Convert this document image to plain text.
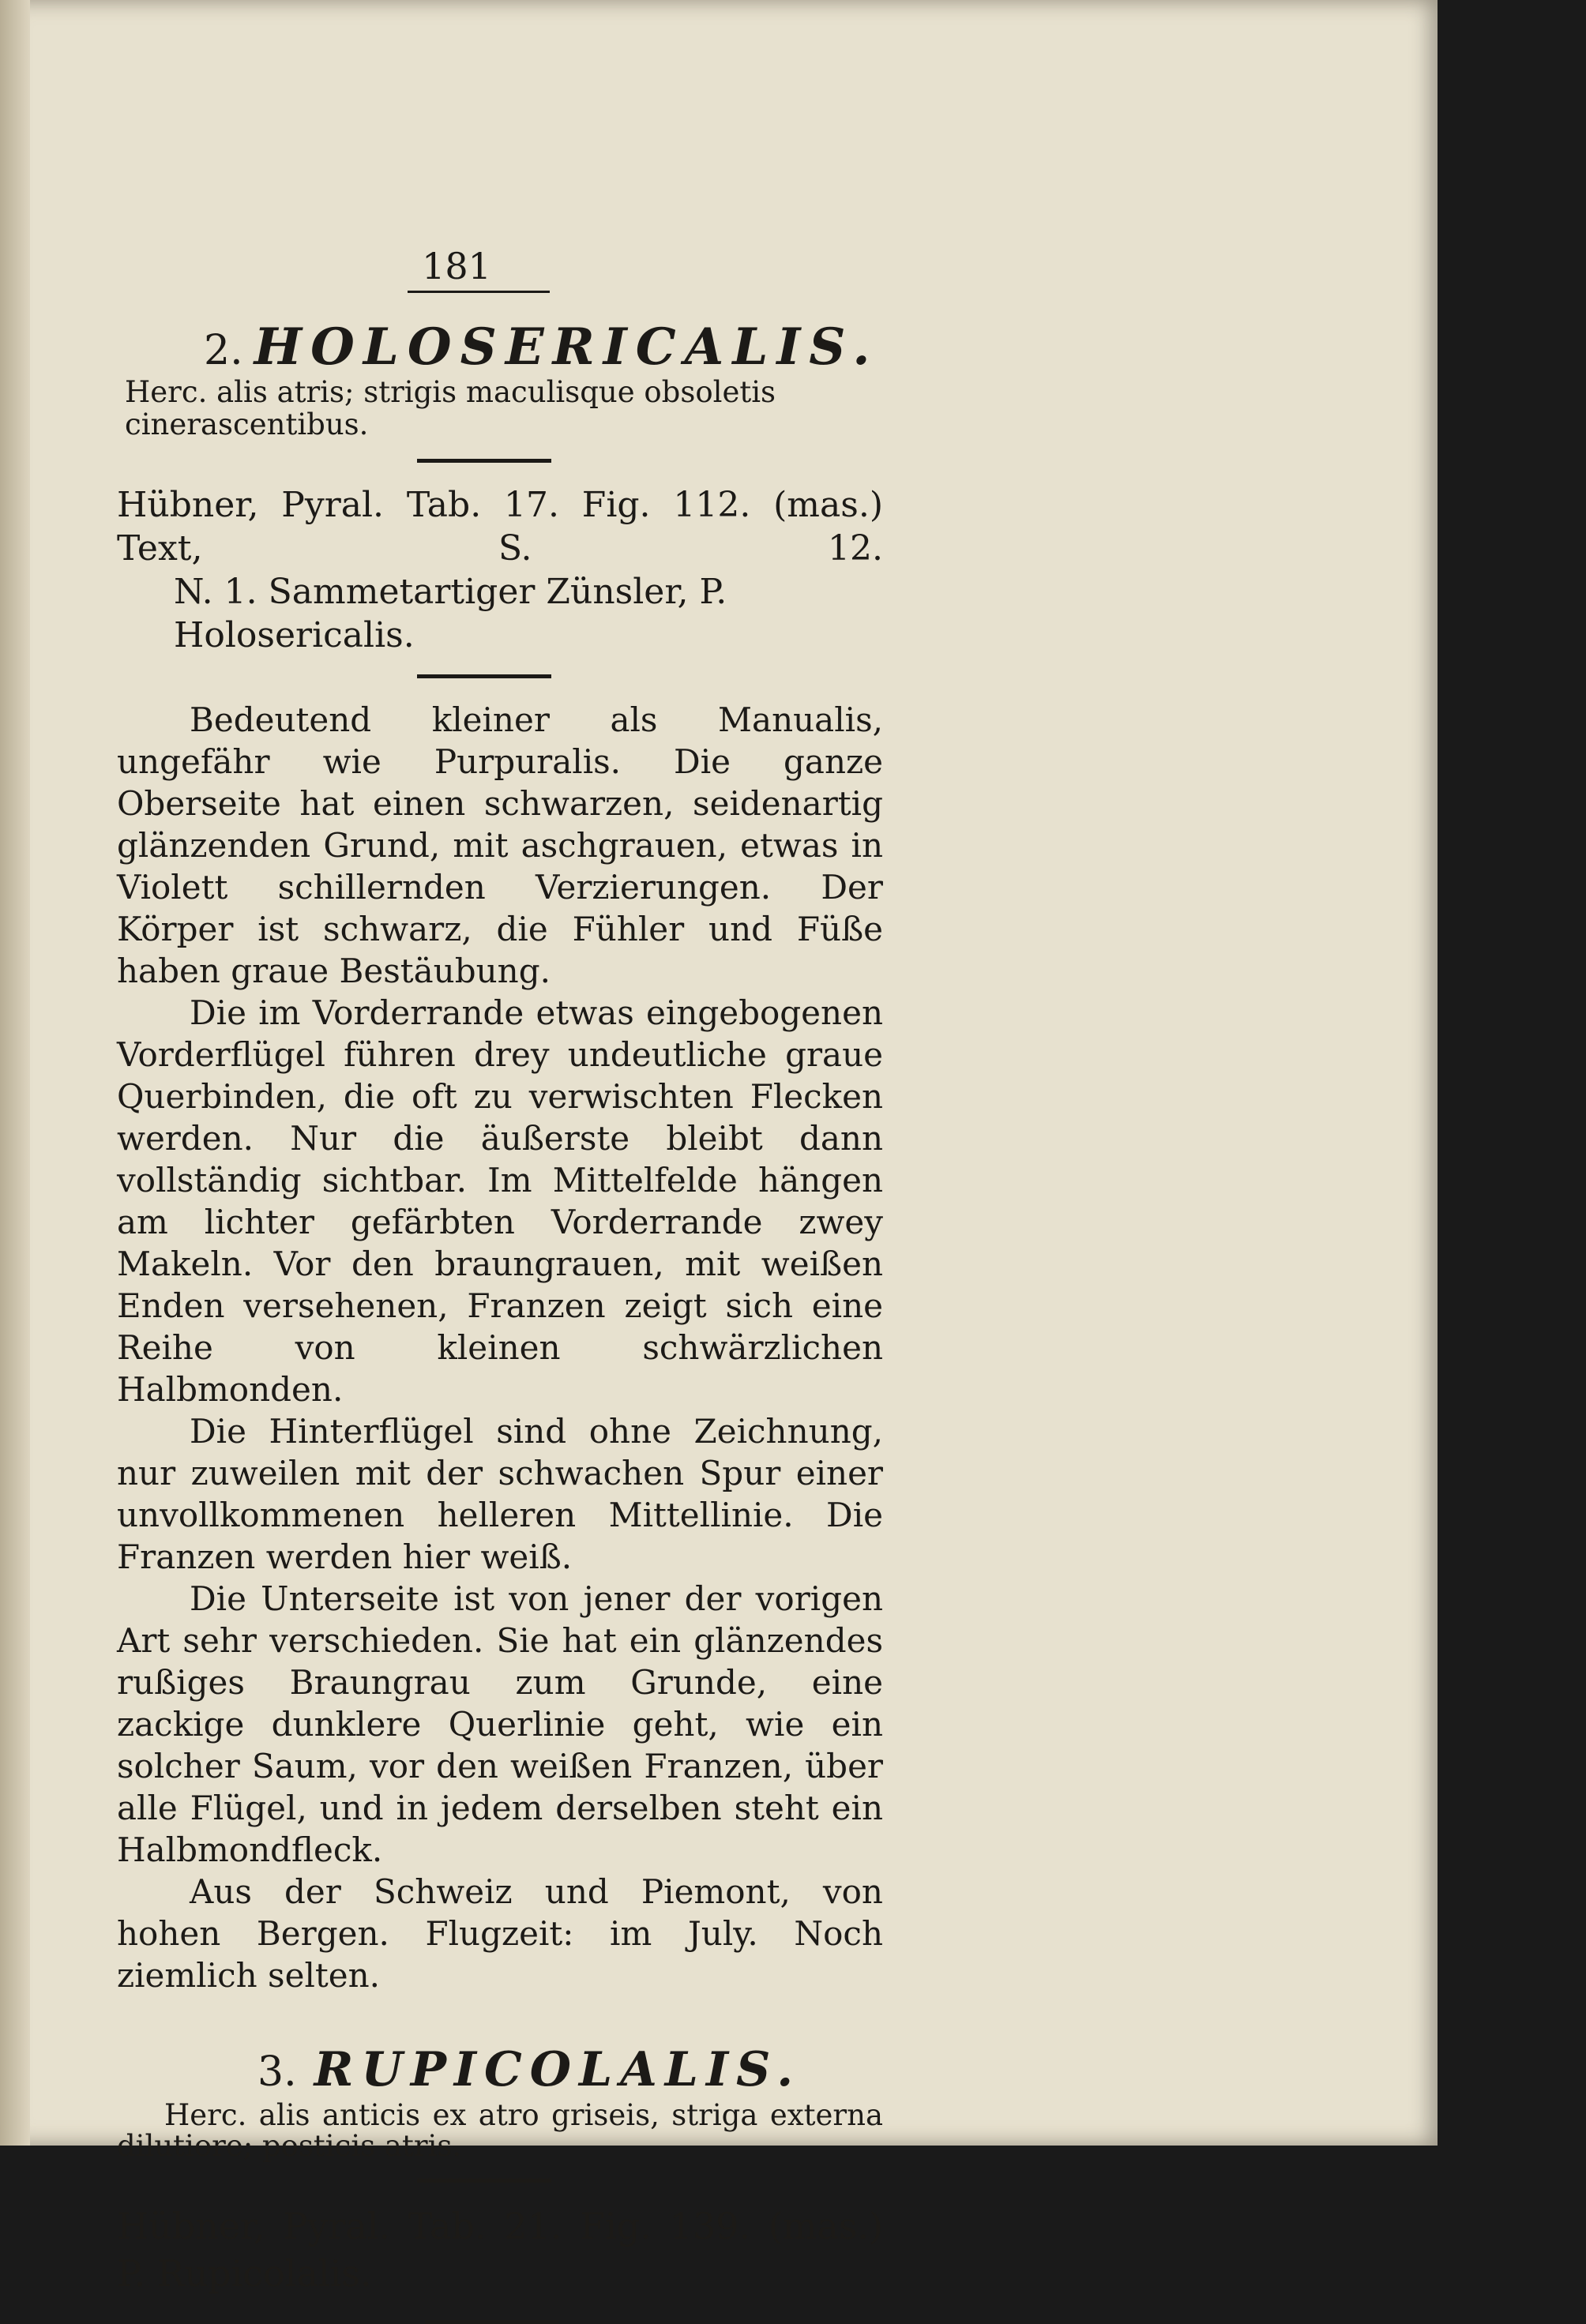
181
2. HOLOSERICALIS.
Herc. alis atris; strigis maculisque obsoletis cinerascentibus.
Hübner, Pyral. Tab. 17. Fig. 112. (mas.) Text, S. 12.
N. 1. Sammetartiger Zünsler, P. Holosericalis.

Bedeutend kleiner als Manualis, ungefähr wie Purpuralis. Die ganze Oberseite hat einen schwarzen, seidenartig glänzenden Grund, mit aschgrauen, etwas in Violett schillernden Verzierungen. Der Körper ist schwarz, die Fühler und Füße haben graue Bestäubung.

Die im Vorderrande etwas eingebogenen Vorderflügel führen drey undeutliche graue Querbinden, die oft zu verwischten Flecken werden. Nur die äußerste bleibt dann vollständig sichtbar. Im Mittelfelde hängen am lichter gefärbten Vorderrande zwey Makeln. Vor den braungrauen, mit weißen Enden versehenen, Franzen zeigt sich eine Reihe von kleinen schwärzlichen Halbmonden.

Die Hinterflügel sind ohne Zeichnung, nur zuweilen mit der schwachen Spur einer unvollkommenen helleren Mittellinie. Die Franzen werden hier weiß.

Die Unterseite ist von jener der vorigen Art sehr verschieden. Sie hat ein glänzendes rußiges Braungrau zum Grunde, eine zackige dunklere Querlinie geht, wie ein solcher Saum, vor den weißen Franzen, über alle Flügel, und in jedem derselben steht ein Halbmondfleck.

Aus der Schweiz und Piemont, von hohen Bergen. Flugzeit: im July. Noch ziemlich selten.

3. RUPICOLALIS.
Herc. alis anticis ex atro griseis, striga externa dilutiore; posticis atris.
Hübner, Pyral. Tab. 21. Fig. 139. (mas.) P. Rupicolalis.
